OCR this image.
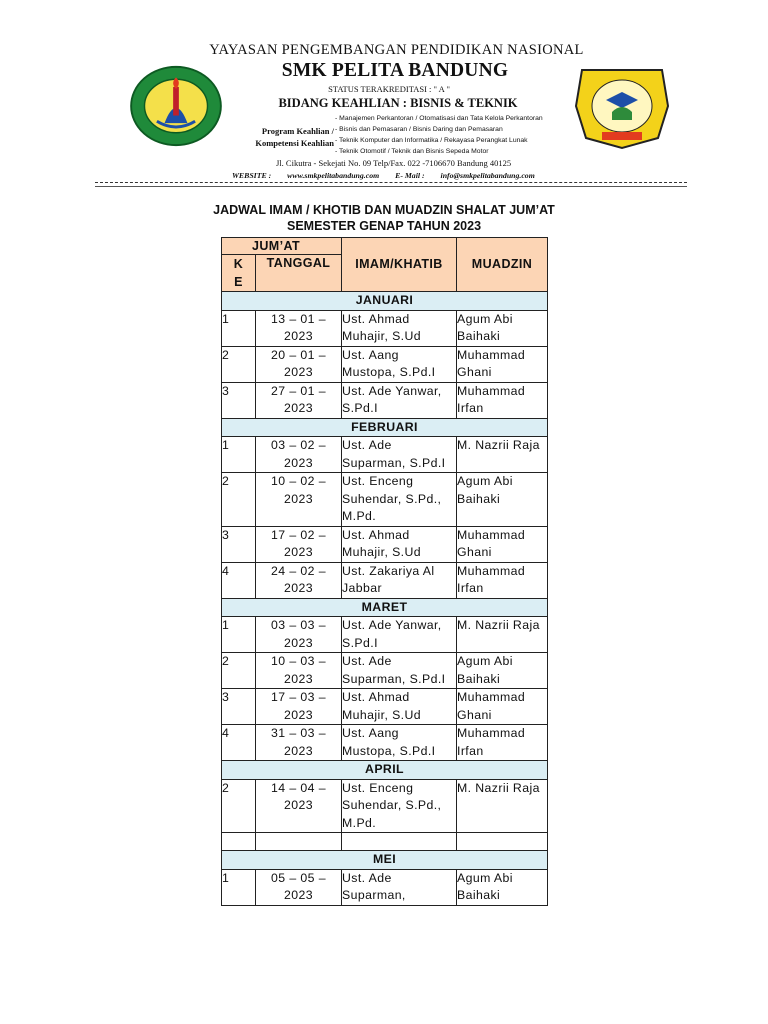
YAYASAN PENGEMBANGAN PENDIDIKAN NASIONAL
SMK PELITA BANDUNG
STATUS TERAKREDITASI : " A "
BIDANG KEAHLIAN : BISNIS & TEKNIK
Program Keahlian /
Kompetensi Keahlian
- Manajemen Perkantoran / Otomatisasi dan Tata Kelola Perkantoran
- Bisnis dan Pemasaran / Bisnis Daring dan Pemasaran
- Teknik Komputer dan Informatika / Rekayasa Perangkat Lunak
- Teknik Otomotif / Teknik dan Bisnis Sepeda Motor
Jl. Cikutra - Sekejati No. 09 Telp/Fax. 022 -7106670 Bandung 40125
WEBSITE : www.smkpelitabandung.com E- Mail : info@smkpelitabandung.com
JADWAL IMAM / KHOTIB DAN MUADZIN SHALAT JUM’AT
SEMESTER GENAP TAHUN 2023
JUM’AT		IMAM/KHATIB	MUADZIN

K
E	TANGGAL		
JANUARI			
1	13 – 01 – 2023	Ust. Ahmad Muhajir, S.Ud	Agum Abi Baihaki
2	20 – 01 – 2023	Ust. Aang Mustopa, S.Pd.I	Muhammad Ghani
3	27 – 01 – 2023	Ust. Ade Yanwar, S.Pd.I	Muhammad Irfan
FEBRUARI			
1	03 – 02 – 2023	Ust. Ade Suparman, S.Pd.I	M. Nazrii Raja
2	10 – 02 – 2023	Ust. Enceng Suhendar, S.Pd., M.Pd.	Agum Abi Baihaki
3	17 – 02 – 2023	Ust. Ahmad Muhajir, S.Ud	Muhammad Ghani
4	24 – 02 – 2023	Ust. Zakariya Al Jabbar	Muhammad Irfan
MARET			
1	03 – 03 – 2023	Ust. Ade Yanwar, S.Pd.I	M. Nazrii Raja
2	10 – 03 – 2023	Ust. Ade Suparman, S.Pd.I	Agum Abi Baihaki
3	17 – 03 – 2023	Ust. Ahmad Muhajir, S.Ud	Muhammad Ghani
4	31 – 03 – 2023	Ust. Aang Mustopa, S.Pd.I	Muhammad Irfan
APRIL			
2	14 – 04 – 2023	Ust. Enceng Suhendar, S.Pd., M.Pd.	M. Nazrii Raja

MEI			
1	05 – 05 – 2023	Ust. Ade Suparman,	Agum Abi Baihaki
